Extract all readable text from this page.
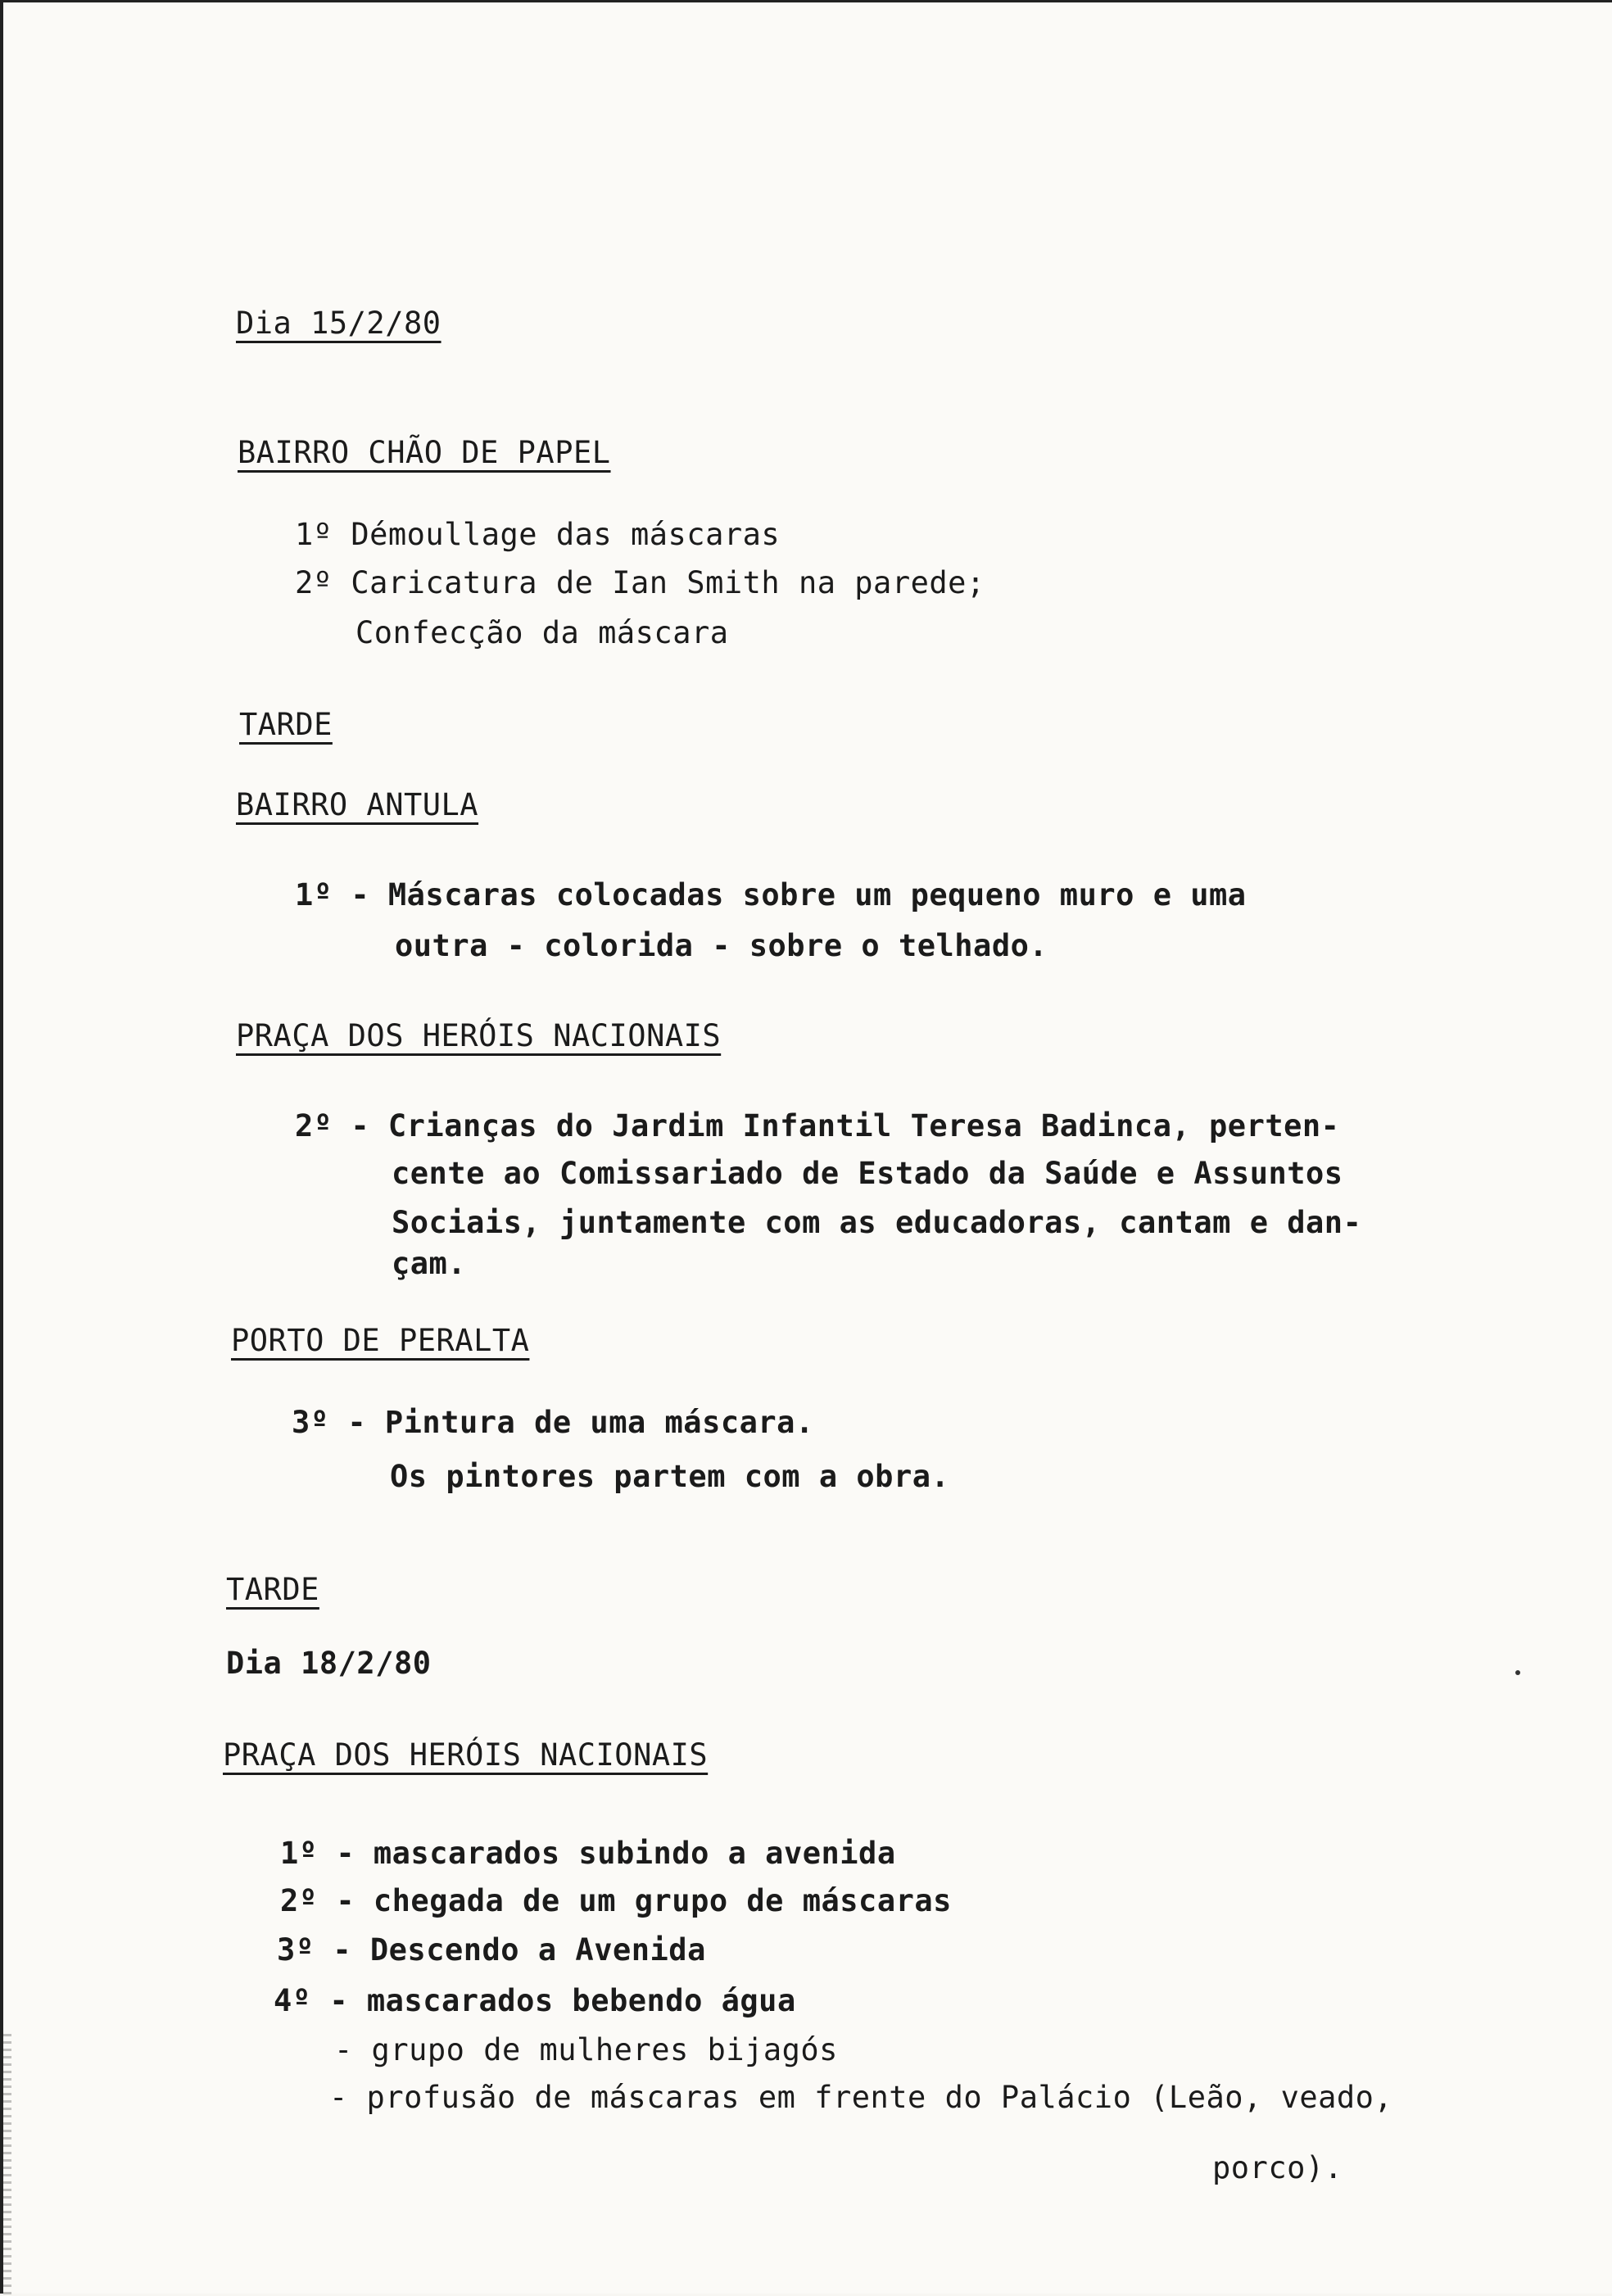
Dia 15/2/80
BAIRRO CHÃO DE PAPEL
1º Démoullage das máscaras
2º Caricatura de Ian Smith na parede;
Confecção da máscara
TARDE
BAIRRO ANTULA
1º - Máscaras colocadas sobre um pequeno muro e uma
outra - colorida - sobre o telhado.
PRAÇA DOS HERÓIS NACIONAIS
2º - Crianças do Jardim Infantil Teresa Badinca, perten-
cente ao Comissariado de Estado da Saúde e Assuntos
Sociais, juntamente com as educadoras, cantam e dan-
çam.
PORTO DE PERALTA
3º - Pintura de uma máscara.
Os pintores partem com a obra.
TARDE
Dia 18/2/80
PRAÇA DOS HERÓIS NACIONAIS
1º - mascarados subindo a avenida
2º - chegada de um grupo de máscaras
3º - Descendo a Avenida
4º - mascarados bebendo água
- grupo de mulheres bijagós
- profusão de máscaras em frente do Palácio (Leão, veado,
porco).
